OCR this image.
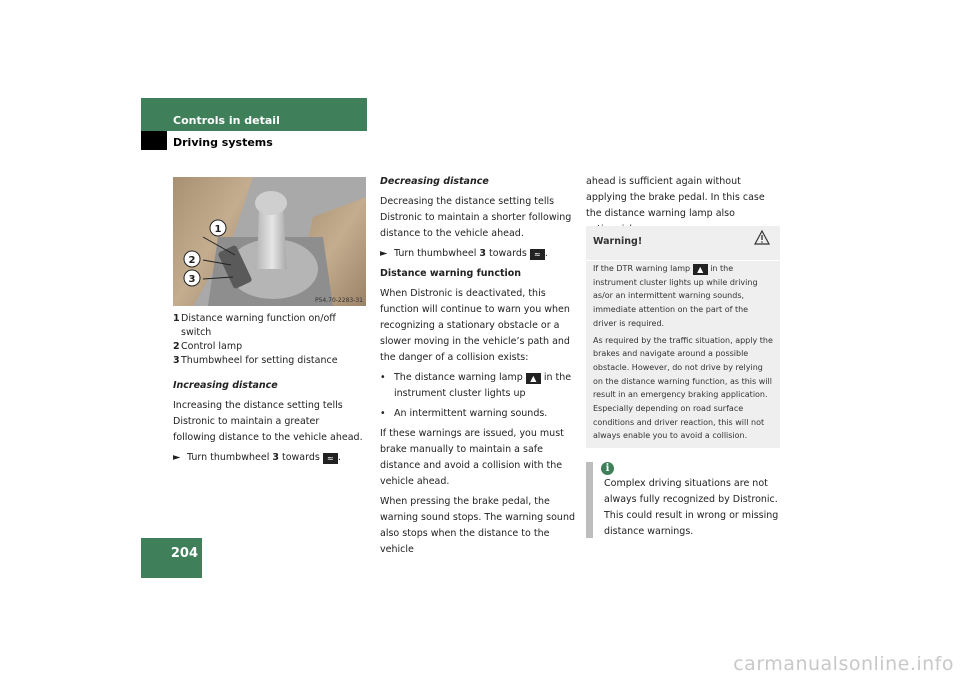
Controls in detail
Driving systems
204
1
2
3
P54.70-2283-31
1 Distance warning function on/off switch
2 Control lamp
3 Thumbwheel for setting distance

Increasing distance

Increasing the distance setting tells Distronic to maintain a greater following distance to the vehicle ahead.

► Turn thumbwheel 3 towards ≈ .

Decreasing distance

Decreasing the distance setting tells Distronic to maintain a shorter following distance to the vehicle ahead.

► Turn thumbwheel 3 towards ≈ .

Distance warning function

When Distronic is deactivated, this function will continue to warn you when recognizing a stationary obstacle or a slower moving in the vehicle’s path and the danger of a collision exists:

• The distance warning lamp ▲ in the instrument cluster lights up
• An intermittent warning sounds.

If these warnings are issued, you must brake manually to maintain a safe distance and avoid a collision with the vehicle ahead.

When pressing the brake pedal, the warning sound stops. The warning sound also stops when the distance to the vehicle

ahead is sufficient again without applying the brake pedal. In this case the distance warning lamp also

Warning!

If the DTR warning lamp ▲ in the instrument cluster lights up while driving as/or an intermittent warning sounds, immediate attention on the part of the driver is required.

As required by the traffic situation, apply the brakes and navigate around a possible obstacle. However, do not drive by relying on the distance warning function, as this will result in an emergency braking application. Especially depending on road surface conditions and driver reaction, this will not always enable you to avoid a collision.

i
Complex driving situations are not always fully recognized by Distronic. This could result in wrong or missing distance warnings.
carmanualsonline.info
